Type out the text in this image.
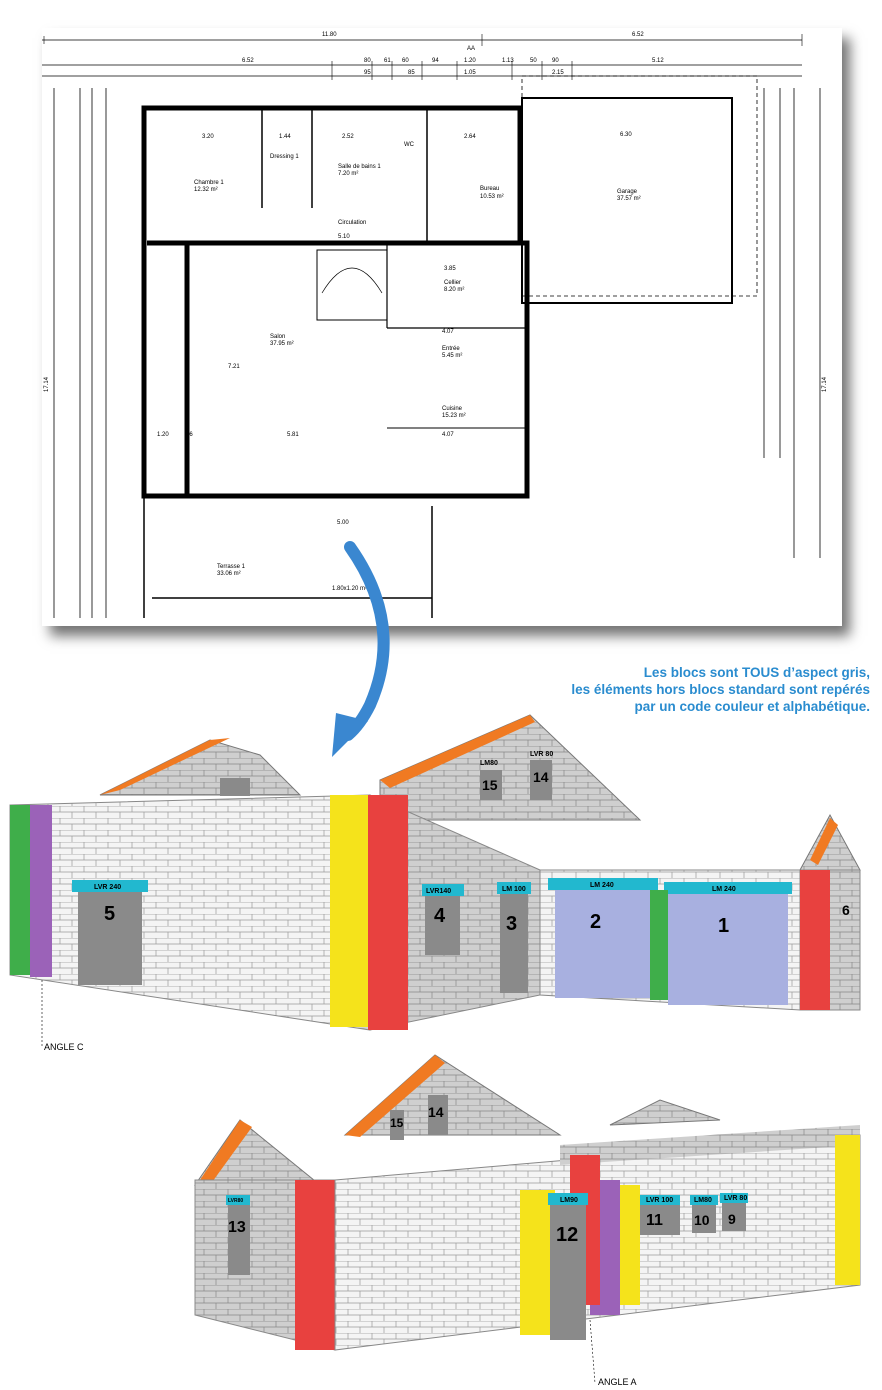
11.80	6.52
6.52	80 61 60	94	1.20	1.13	50	90	5.12
95	85	1.05	2.15
AA
17.14	17.14
3.20
Chambre 1
12.32 m²
1.44
Dressing 1
2.52
Salle de bains 1
7.20 m²
WC
2.64
Bureau
10.53 m²
6.30
Garage
37.57 m²
Circulation
5.10
3.85
Cellier
8.20 m²
Salon
37.95 m²
5.81
1.20	36
7.21
4.07
Entrée
5.45 m²
Cuisine
15.23 m²
4.07
5.00
Terrasse 1
33.06 m²
1.80x1.20 m²
Les blocs sont TOUS d’aspect gris,
les éléments hors blocs standard sont repérés
par un code couleur et alphabétique.
LVR 240
LVR140	LM 100
LM 240
LM 240
LM80
LVR 80
5	4	3	2	1
15	14
6
ANGLE C
LVR 100	LM80 LVR 80
LM90
LVR80
13	12
11 10 9
15
14
ANGLE A
